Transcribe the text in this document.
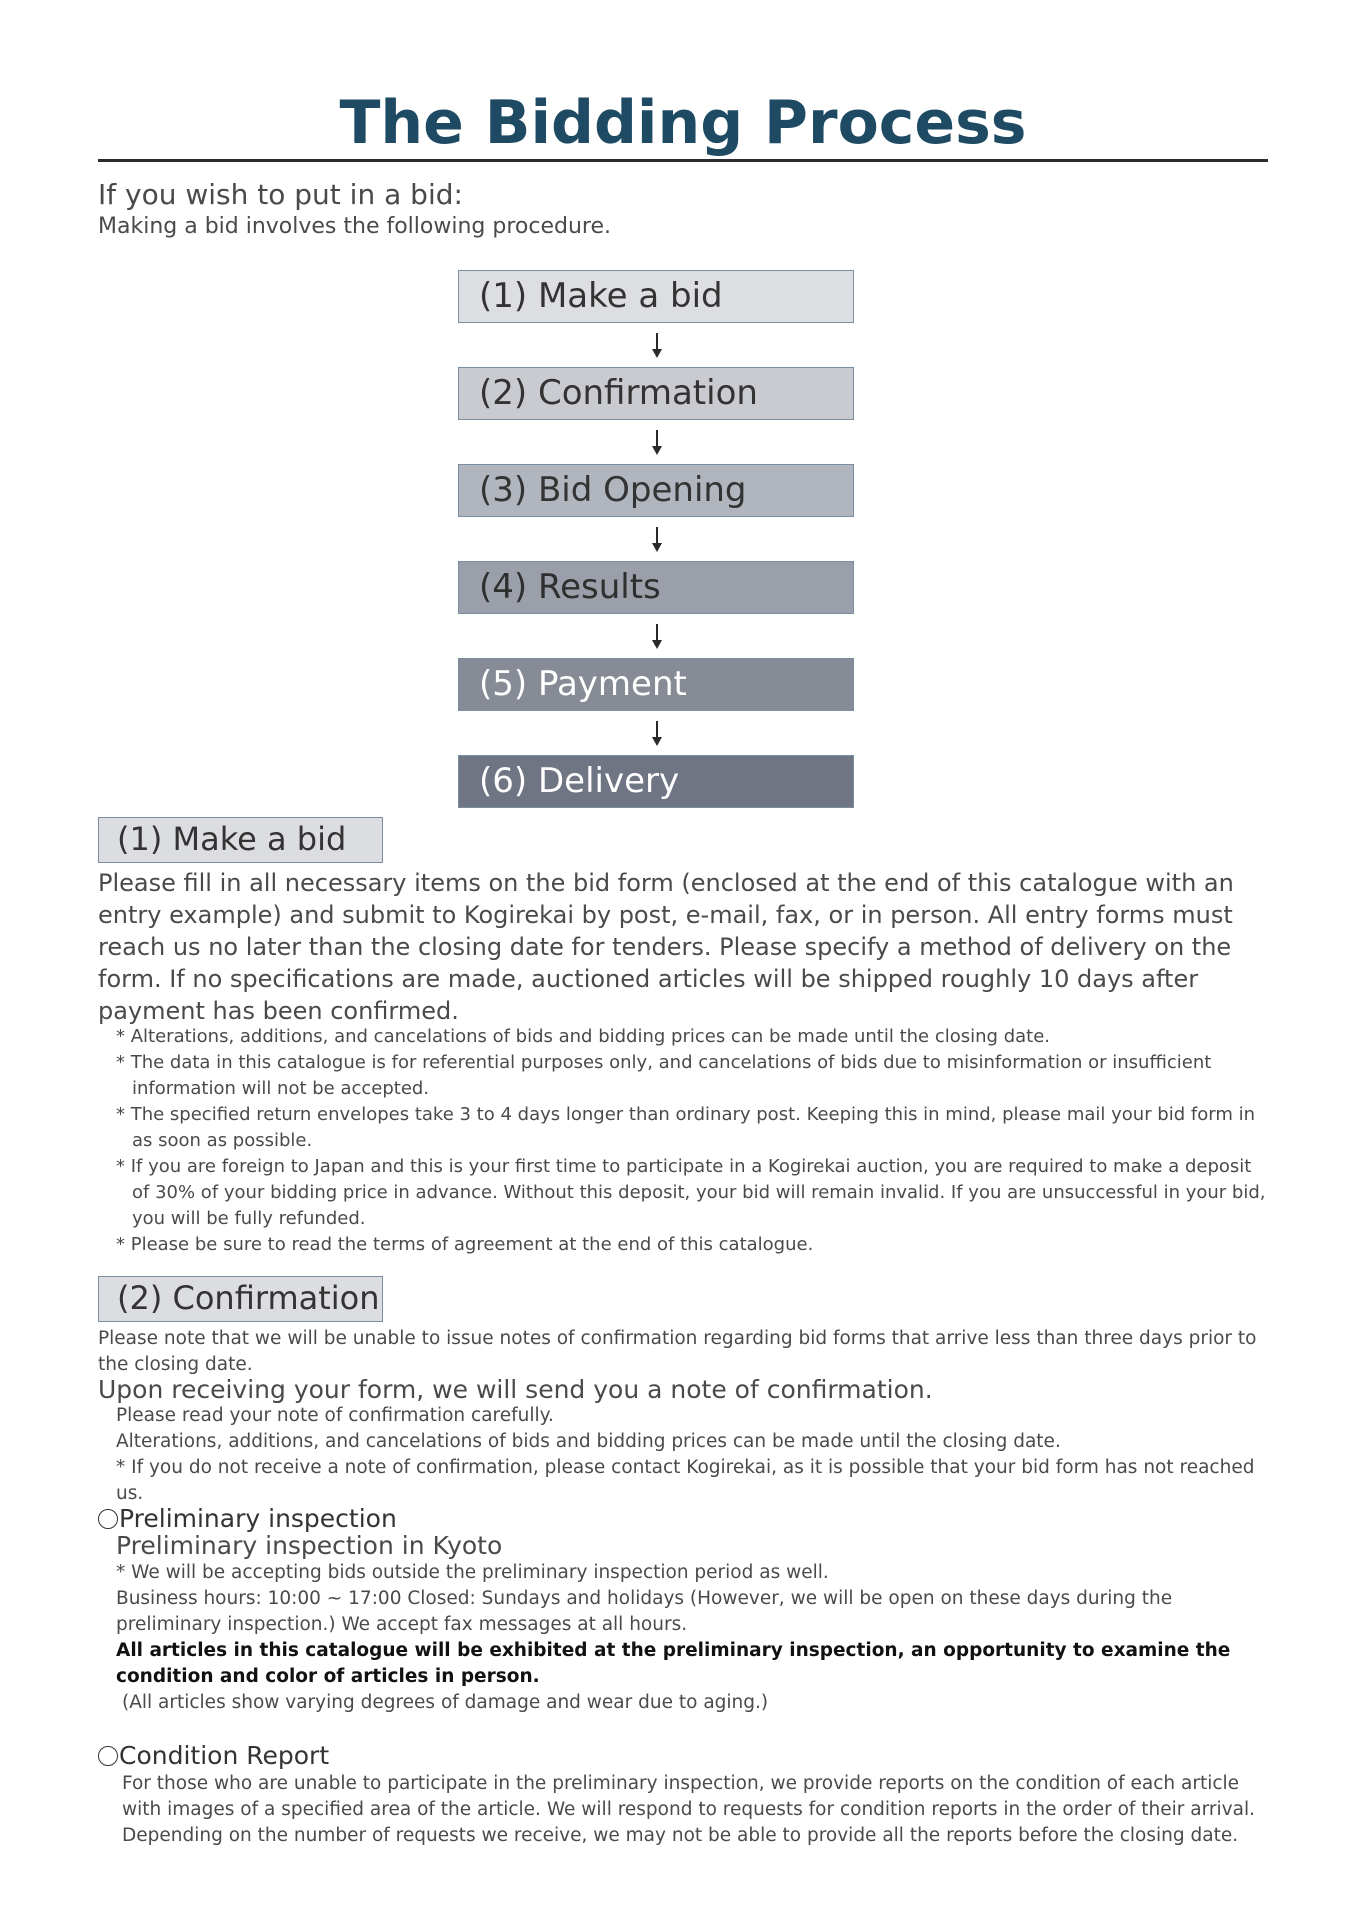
The Bidding Process
If you wish to put in a bid:
Making a bid involves the following procedure.
(1) Make a bid
(2) Confirmation
(3) Bid Opening
(4) Results
(5) Payment
(6) Delivery
(1) Make a bid
Please fill in all necessary items on the bid form (enclosed at the end of this catalogue with an entry example) and submit to Kogirekai by post, e-mail, fax, or in person. All entry forms must reach us no later than the closing date for tenders. Please specify a method of delivery on the form. If no specifications are made, auctioned articles will be shipped roughly 10 days after payment has been confirmed.
* Alterations, additions, and cancelations of bids and bidding prices can be made until the closing date.
* The data in this catalogue is for referential purposes only, and cancelations of bids due to misinformation or insufficient information will not be accepted.
* The specified return envelopes take 3 to 4 days longer than ordinary post. Keeping this in mind, please mail your bid form in as soon as possible.
* If you are foreign to Japan and this is your first time to participate in a Kogirekai auction, you are required to make a deposit of 30% of your bidding price in advance. Without this deposit, your bid will remain invalid. If you are unsuccessful in your bid, you will be fully refunded.
* Please be sure to read the terms of agreement at the end of this catalogue.
(2) Confirmation
Please note that we will be unable to issue notes of confirmation regarding bid forms that arrive less than three days prior to the closing date.
Upon receiving your form, we will send you a note of confirmation.
Please read your note of confirmation carefully.
Alterations, additions, and cancelations of bids and bidding prices can be made until the closing date.
* If you do not receive a note of confirmation, please contact Kogirekai, as it is possible that your bid form has not reached us.
Preliminary inspection
Preliminary inspection in Kyoto
* We will be accepting bids outside the preliminary inspection period as well.
Business hours: 10:00 ~ 17:00 Closed: Sundays and holidays (However, we will be open on these days during the preliminary inspection.) We accept fax messages at all hours.
All articles in this catalogue will be exhibited at the preliminary inspection, an opportunity to examine the condition and color of articles in person.
(All articles show varying degrees of damage and wear due to aging.)
Condition Report
For those who are unable to participate in the preliminary inspection, we provide reports on the condition of each article with images of a specified area of the article. We will respond to requests for condition reports in the order of their arrival. Depending on the number of requests we receive, we may not be able to provide all the reports before the closing date.
